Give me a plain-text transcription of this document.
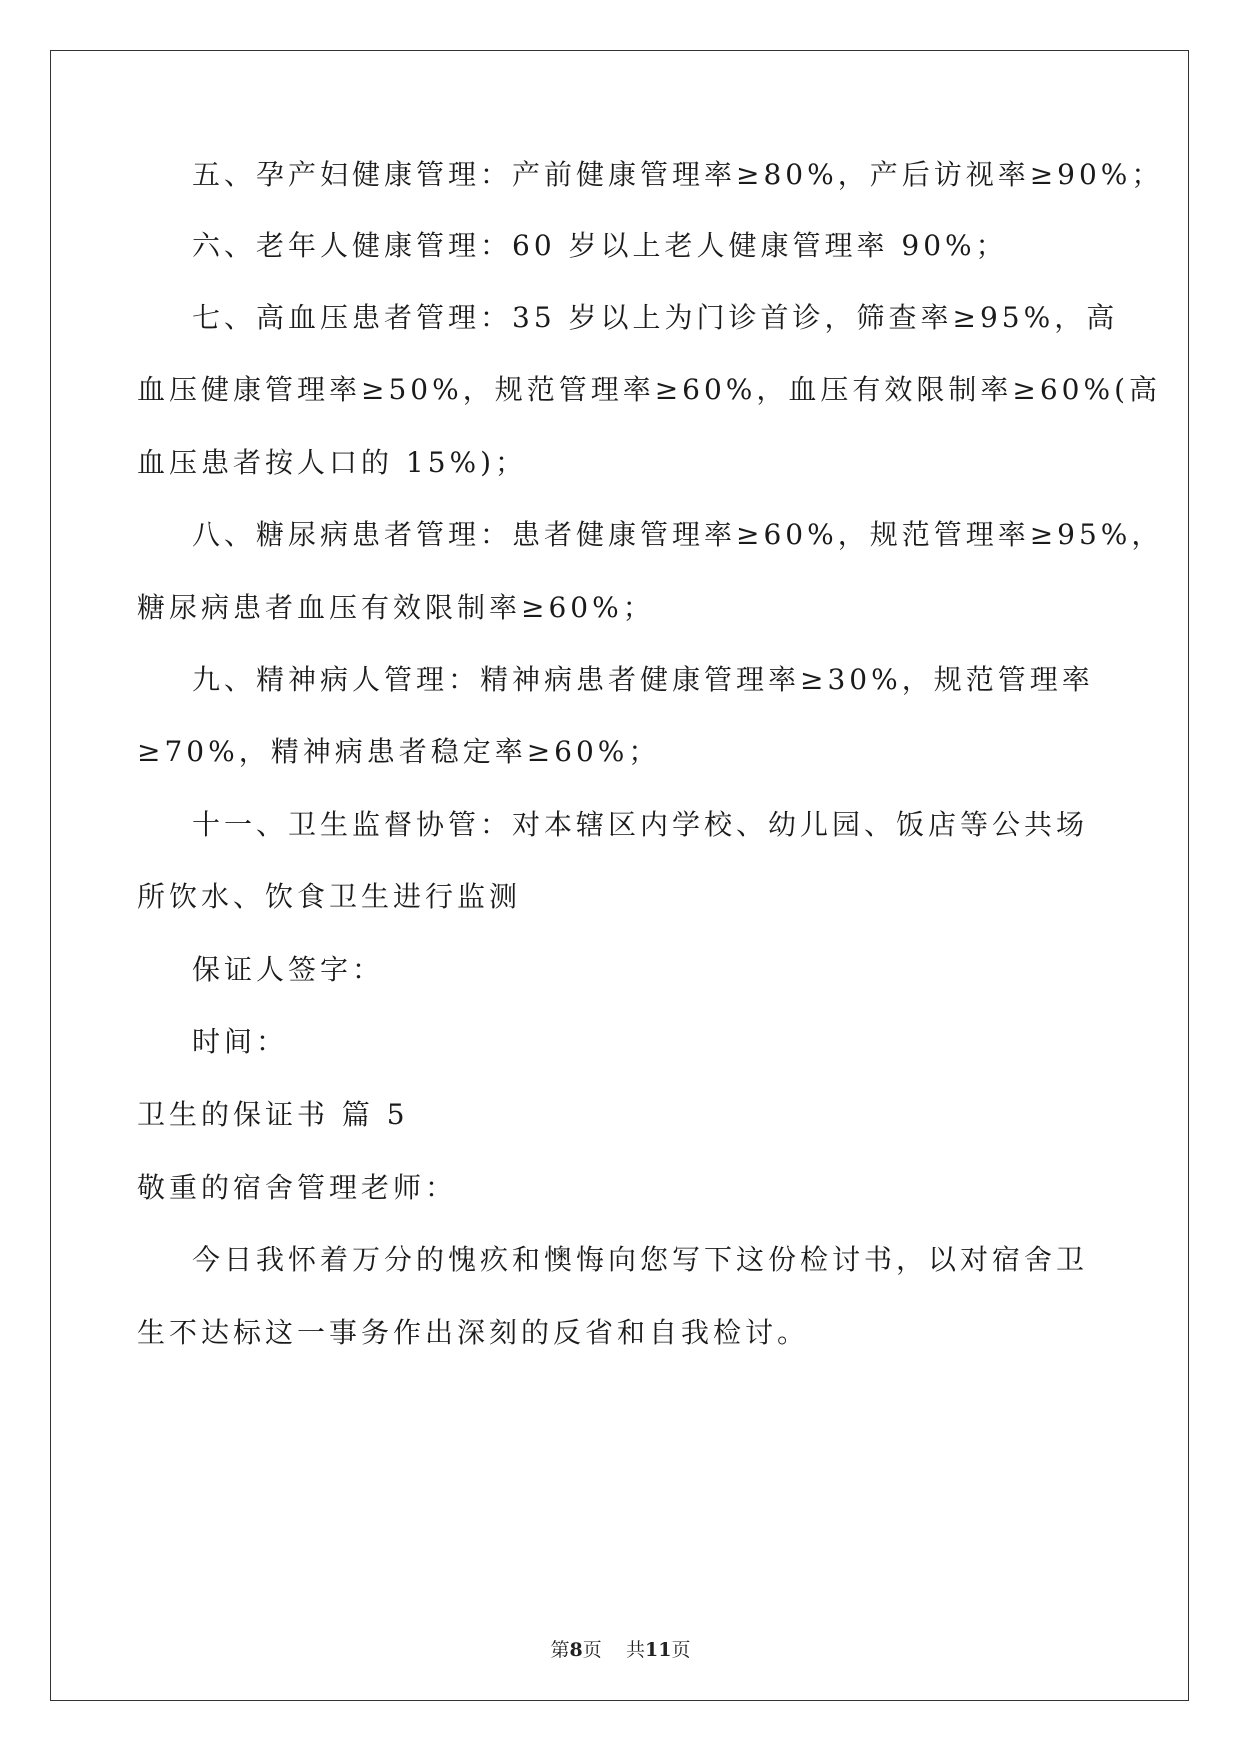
五、孕产妇健康管理：产前健康管理率≥80%，产后访视率≥90%；
六、老年人健康管理：60 岁以上老人健康管理率 90%；
七、高血压患者管理：35 岁以上为门诊首诊，筛查率≥95%，高
血压健康管理率≥50%，规范管理率≥60%，血压有效限制率≥60%(高
血压患者按人口的 15%)；
八、糖尿病患者管理：患者健康管理率≥60%，规范管理率≥95%，
糖尿病患者血压有效限制率≥60%；
九、精神病人管理：精神病患者健康管理率≥30%，规范管理率
≥70%，精神病患者稳定率≥60%；
十一、卫生监督协管：对本辖区内学校、幼儿园、饭店等公共场
所饮水、饮食卫生进行监测
保证人签字：
时间：
卫生的保证书 篇 5
敬重的宿舍管理老师：
今日我怀着万分的愧疚和懊悔向您写下这份检讨书，以对宿舍卫
生不达标这一事务作出深刻的反省和自我检讨。
第8页 共11页
